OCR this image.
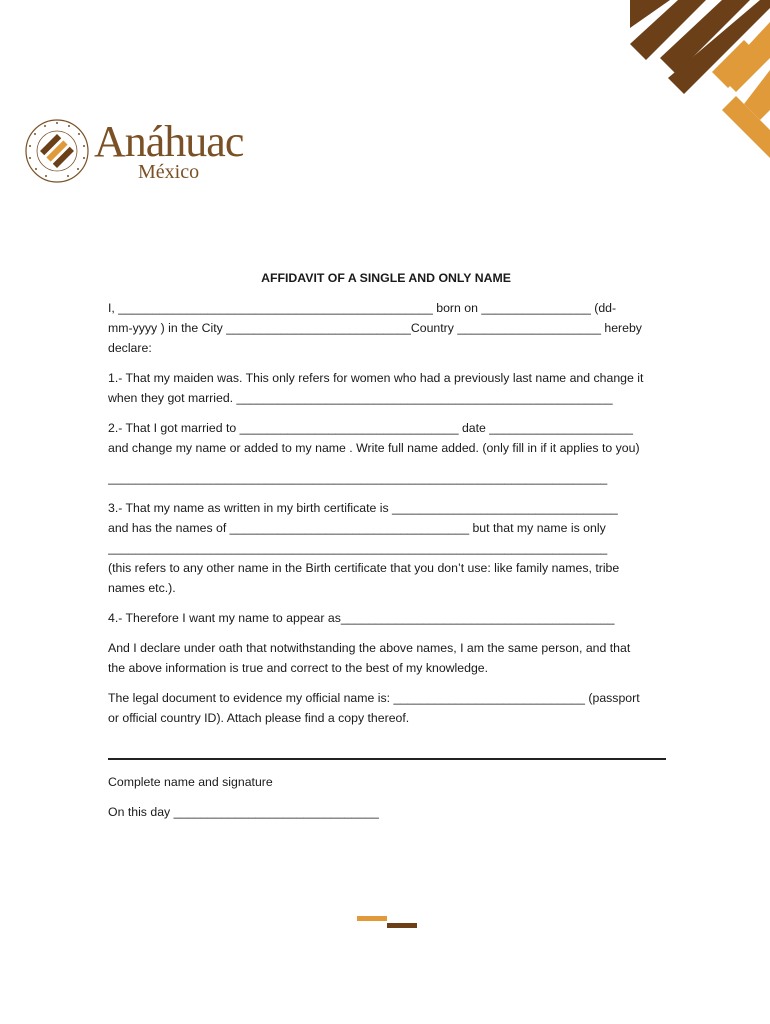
Anáhuac
México
AFFIDAVIT OF A SINGLE AND ONLY NAME
I, ______________________________________________ born on ________________ (dd-
mm-yyyy ) in the City ___________________________Country _____________________ hereby
declare:
1.- That my maiden was. This only refers for women who had a previously last name and change it
when they got married. _______________________________________________________
2.- That I got married to ________________________________ date _____________________
and change my name or added to my name . Write full name added. (only fill in if it applies to you)
_________________________________________________________________________
3.- That my name as written in my birth certificate is _________________________________
and has the names of ___________________________________ but that my name is only
_________________________________________________________________________
(this refers to any other name in the Birth certificate that you don’t use: like family names, tribe
names etc.).
4.- Therefore I want my name to appear as________________________________________
And I declare under oath that notwithstanding the above names, I am the same person, and that
the above information is true and correct to the best of my knowledge.
The legal document to evidence my official name is: ____________________________ (passport
or official country ID). Attach please find a copy thereof.
Complete name and signature
On this day ______________________________
